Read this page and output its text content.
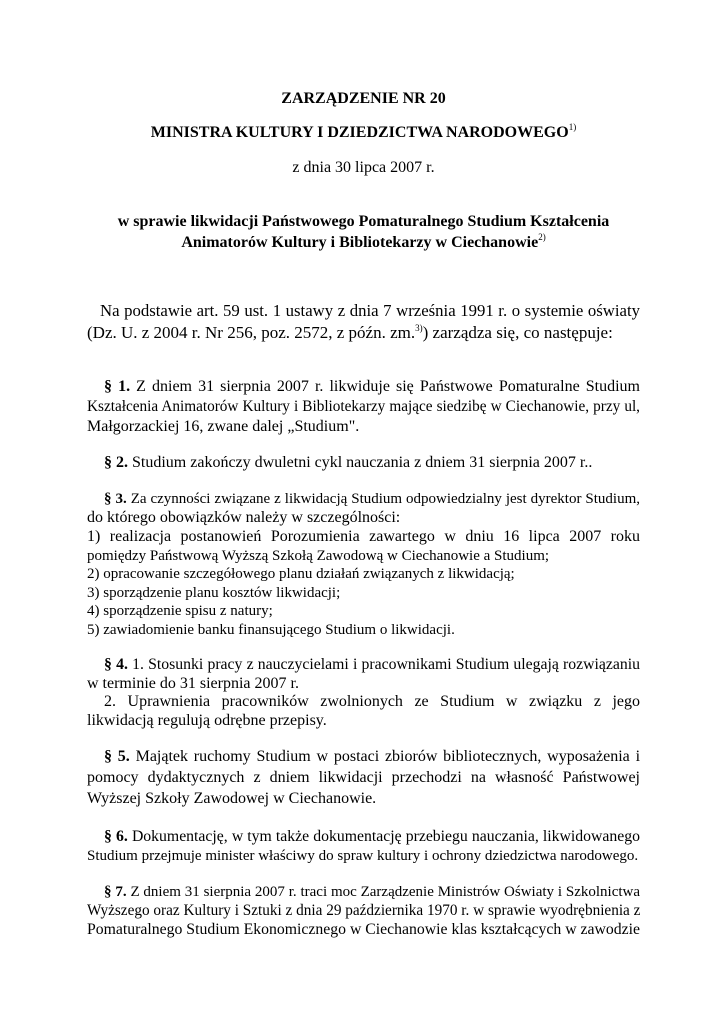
ZARZĄDZENIE NR 20

MINISTRA KULTURY I DZIEDZICTWA NARODOWEGO$^{1)}$

z dnia 30 lipca 2007 r.

w sprawie likwidacji Państwowego Pomaturalnego Studium Kształcenia

Animatorów Kultury i Bibliotekarzy w Ciechanowie$^{2)}$

Na podstawie art. 59 ust. 1 ustawy z dnia 7 września 1991 r. o systemie oświaty

(Dz. U. z 2004 r. Nr 256, poz. 2572, z późn. zm.$^{3)}$) zarządza się, co następuje:

§ 1. Z dniem 31 sierpnia 2007 r. likwiduje się Państwowe Pomaturalne Studium

Kształcenia Animatorów Kultury i Bibliotekarzy mające siedzibę w Ciechanowie, przy ul,

Małgorzackiej 16, zwane dalej „Studium".

§ 2. Studium zakończy dwuletni cykl nauczania z dniem 31 sierpnia 2007 r..

§ 3. Za czynności związane z likwidacją Studium odpowiedzialny jest dyrektor Studium,

do którego obowiązków należy w szczególności:

1) realizacja postanowień Porozumienia zawartego w dniu 16 lipca 2007 roku

pomiędzy Państwową Wyższą Szkołą Zawodową w Ciechanowie a Studium;

2) opracowanie szczegółowego planu działań związanych z likwidacją;

3) sporządzenie planu kosztów likwidacji;

4) sporządzenie spisu z natury;

5) zawiadomienie banku finansującego Studium o likwidacji.

§ 4. 1. Stosunki pracy z nauczycielami i pracownikami Studium ulegają rozwiązaniu

w terminie do 31 sierpnia 2007 r.

2. Uprawnienia pracowników zwolnionych ze Studium w związku z jego

likwidacją regulują odrębne przepisy.

§ 5. Majątek ruchomy Studium w postaci zbiorów bibliotecznych, wyposażenia i

pomocy dydaktycznych z dniem likwidacji przechodzi na własność Państwowej

Wyższej Szkoły Zawodowej w Ciechanowie.

§ 6. Dokumentację, w tym także dokumentację przebiegu nauczania, likwidowanego

Studium przejmuje minister właściwy do spraw kultury i ochrony dziedzictwa narodowego.

§ 7. Z dniem 31 sierpnia 2007 r. traci moc Zarządzenie Ministrów Oświaty i Szkolnictwa

Wyższego oraz Kultury i Sztuki z dnia 29 października 1970 r. w sprawie wyodrębnienia z

Pomaturalnego Studium Ekonomicznego w Ciechanowie klas kształcących w zawodzie
